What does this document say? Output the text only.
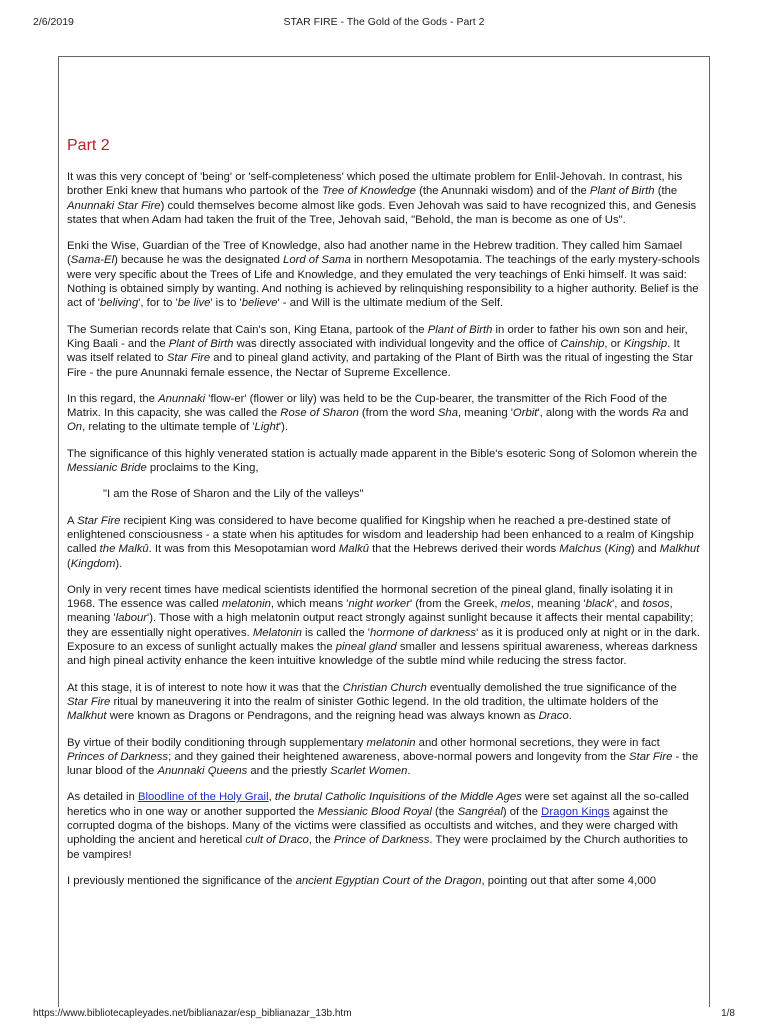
2/6/2019	STAR FIRE - The Gold of the Gods - Part 2
Part 2

It was this very concept of 'being' or 'self-completeness' which posed the ultimate problem for Enlil-Jehovah. In contrast, his brother Enki knew that humans who partook of the Tree of Knowledge (the Anunnaki wisdom) and of the Plant of Birth (the Anunnaki Star Fire) could themselves become almost like gods. Even Jehovah was said to have recognized this, and Genesis states that when Adam had taken the fruit of the Tree, Jehovah said, "Behold, the man is become as one of Us".

Enki the Wise, Guardian of the Tree of Knowledge, also had another name in the Hebrew tradition. They called him Samael (Sama-El) because he was the designated Lord of Sama in northern Mesopotamia. The teachings of the early mystery-schools were very specific about the Trees of Life and Knowledge, and they emulated the very teachings of Enki himself. It was said: Nothing is obtained simply by wanting. And nothing is achieved by relinquishing responsibility to a higher authority. Belief is the act of 'beliving', for to 'be live' is to 'believe' - and Will is the ultimate medium of the Self.

The Sumerian records relate that Cain's son, King Etana, partook of the Plant of Birth in order to father his own son and heir, King Baali - and the Plant of Birth was directly associated with individual longevity and the office of Cainship, or Kingship. It was itself related to Star Fire and to pineal gland activity, and partaking of the Plant of Birth was the ritual of ingesting the Star Fire - the pure Anunnaki female essence, the Nectar of Supreme Excellence.

In this regard, the Anunnaki 'flow-er' (flower or lily) was held to be the Cup-bearer, the transmitter of the Rich Food of the Matrix. In this capacity, she was called the Rose of Sharon (from the word Sha, meaning 'Orbit', along with the words Ra and On, relating to the ultimate temple of 'Light').

The significance of this highly venerated station is actually made apparent in the Bible's esoteric Song of Solomon wherein the Messianic Bride proclaims to the King,

"I am the Rose of Sharon and the Lily of the valleys"

A Star Fire recipient King was considered to have become qualified for Kingship when he reached a pre-destined state of enlightened consciousness - a state when his aptitudes for wisdom and leadership had been enhanced to a realm of Kingship called the Malkû. It was from this Mesopotamian word Malkû that the Hebrews derived their words Malchus (King) and Malkhut (Kingdom).

Only in very recent times have medical scientists identified the hormonal secretion of the pineal gland, finally isolating it in 1968. The essence was called melatonin, which means 'night worker' (from the Greek, melos, meaning 'black', and tosos, meaning 'labour'). Those with a high melatonin output react strongly against sunlight because it affects their mental capability; they are essentially night operatives. Melatonin is called the 'hormone of darkness' as it is produced only at night or in the dark. Exposure to an excess of sunlight actually makes the pineal gland smaller and lessens spiritual awareness, whereas darkness and high pineal activity enhance the keen intuitive knowledge of the subtle mind while reducing the stress factor.

At this stage, it is of interest to note how it was that the Christian Church eventually demolished the true significance of the Star Fire ritual by maneuvering it into the realm of sinister Gothic legend. In the old tradition, the ultimate holders of the Malkhut were known as Dragons or Pendragons, and the reigning head was always known as Draco.

By virtue of their bodily conditioning through supplementary melatonin and other hormonal secretions, they were in fact Princes of Darkness; and they gained their heightened awareness, above-normal powers and longevity from the Star Fire - the lunar blood of the Anunnaki Queens and the priestly Scarlet Women.

As detailed in Bloodline of the Holy Grail, the brutal Catholic Inquisitions of the Middle Ages were set against all the so-called heretics who in one way or another supported the Messianic Blood Royal (the Sangréal) of the Dragon Kings against the corrupted dogma of the bishops. Many of the victims were classified as occultists and witches, and they were charged with upholding the ancient and heretical cult of Draco, the Prince of Darkness. They were proclaimed by the Church authorities to be vampires!

I previously mentioned the significance of the ancient Egyptian Court of the Dragon, pointing out that after some 4,000

https://www.bibliotecapleyades.net/biblianazar/esp_biblianazar_13b.htm	1/8
